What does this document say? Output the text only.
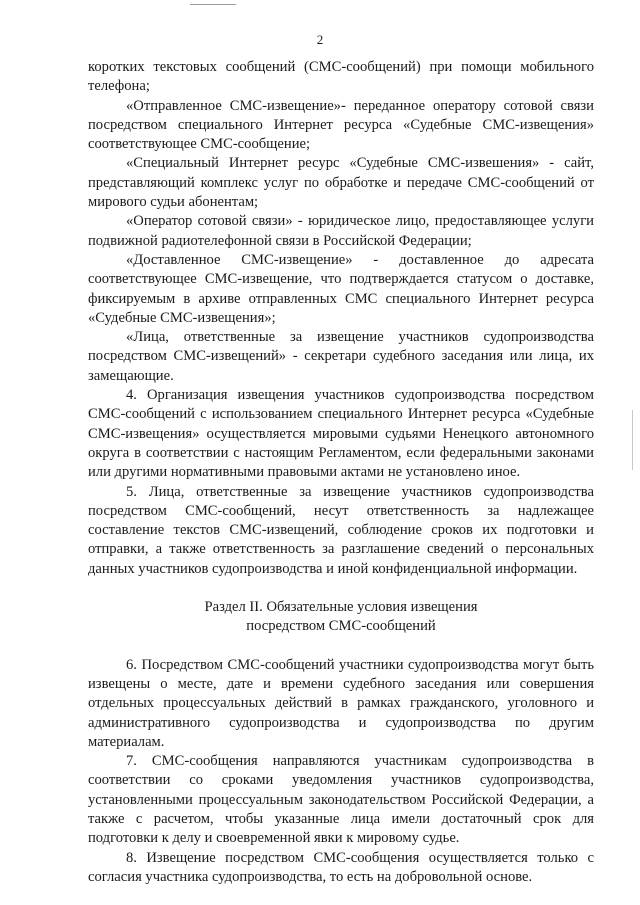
2

коротких текстовых сообщений (СМС-сообщений) при помощи мобильного телефона;

«Отправленное СМС-извещение»- переданное оператору сотовой связи посредством специального Интернет ресурса «Судебные СМС-извещения» соответствующее СМС-сообщение;

«Специальный Интернет ресурс «Судебные СМС-извешения» - сайт, представляющий комплекс услуг по обработке и передаче СМС-сообщений от мирового судьи абонентам;

«Оператор сотовой связи» - юридическое лицо, предоставляющее услуги подвижной радиотелефонной связи в Российской Федерации;

«Доставленное СМС-извещение» - доставленное до адресата соответствующее СМС-извещение, что подтверждается статусом о доставке, фиксируемым в архиве отправленных СМС специального Интернет ресурса «Судебные СМС-извещения»;

«Лица, ответственные за извещение участников судопроизводства посредством СМС-извещений» - секретари судебного заседания или лица, их замещающие.

4. Организация извещения участников судопроизводства посредством СМС-сообщений с использованием специального Интернет ресурса «Судебные СМС-извещения» осуществляется мировыми судьями Ненецкого автономного округа в соответствии с настоящим Регламентом, если федеральными законами или другими нормативными правовыми актами не установлено иное.

5. Лица, ответственные за извещение участников судопроизводства посредством СМС-сообщений, несут ответственность за надлежащее составление текстов СМС-извещений, соблюдение сроков их подготовки и отправки, а также ответственность за разглашение сведений о персональных данных участников судопроизводства и иной конфиденциальной информации.

Раздел II. Обязательные условия извещения
посредством СМС-сообщений

6. Посредством СМС-сообщений участники судопроизводства могут быть извещены о месте, дате и времени судебного заседания или совершения отдельных процессуальных действий в рамках гражданского, уголовного и административного судопроизводства и судопроизводства по другим материалам.

7. СМС-сообщения направляются участникам судопроизводства в соответствии со сроками уведомления участников судопроизводства, установленными процессуальным законодательством Российской Федерации, а также с расчетом, чтобы указанные лица имели достаточный срок для подготовки к делу и своевременной явки к мировому судье.

8. Извещение посредством СМС-сообщения осуществляется только с согласия участника судопроизводства, то есть на добровольной основе.
